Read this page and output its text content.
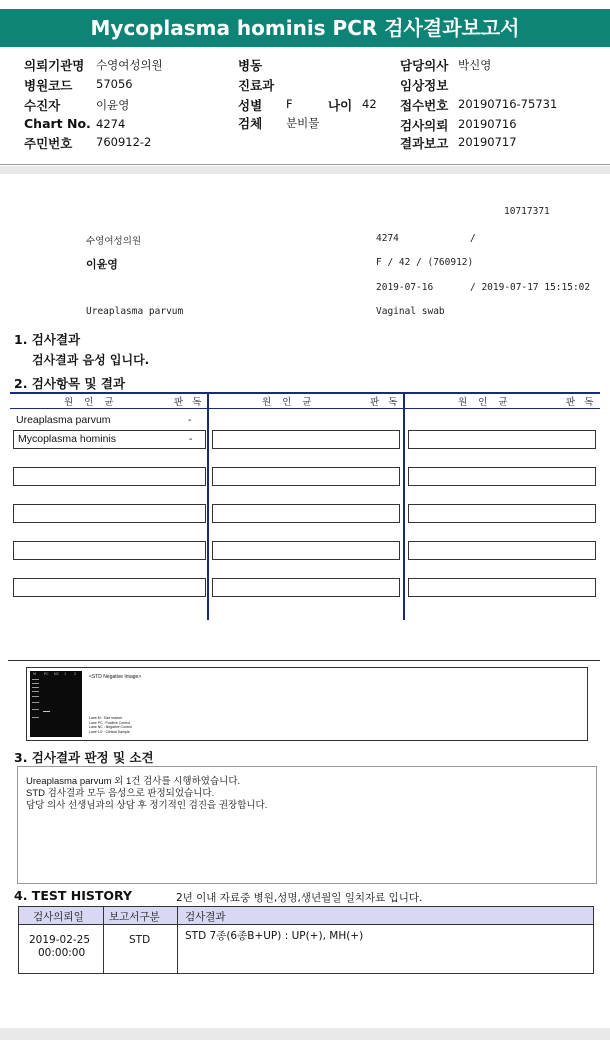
Mycoplasma hominis PCR 검사결과보고서
의뢰기관명 수영여성의원
병원코드 57056
수진자	이윤영
Chart No. 4274
주민번호 760912-2
병동
진료과
성별 F	나이 42
검체 분비물
담당의사 박신영
임상정보
접수번호 20190716-75731
검사의뢰 20190716
결과보고 20190717
10717371
수영여성의원	4274	/
이윤영	F / 42 / (760912)
2019-07-16	/ 2019-07-17 15:15:02
Ureaplasma parvum	Vaginal swab
1. 검사결과
검사결과 음성 입니다.
2. 검사항목 및 결과
원 인 균	판 독	원 인 균	판 독	원 인 균	판 독
Ureaplasma parvum	-
Mycoplasma hominis	-
M PC NC 1 2	<STD Negative Image>
Lane M : Size marker
Lane PC : Positive Control
Lane NC : Negative Control
Lane 1/2 : Clinical Sample
3. 검사결과 판정 및 소견
Ureaplasma parvum 외 1건 검사를 시행하였습니다.
STD 검사결과 모두 음성으로 판정되었습니다.
담당 의사 선생님과의 상담 후 정기적인 검진을 권장합니다.
4. TEST HISTORY	2년 이내 자료중 병원,성명,생년월일 일치자료 입니다.
검사의뢰일 보고서구분 검사결과
2019-02-25
00:00:00
STD	STD 7종(6종B+UP) : UP(+), MH(+)
